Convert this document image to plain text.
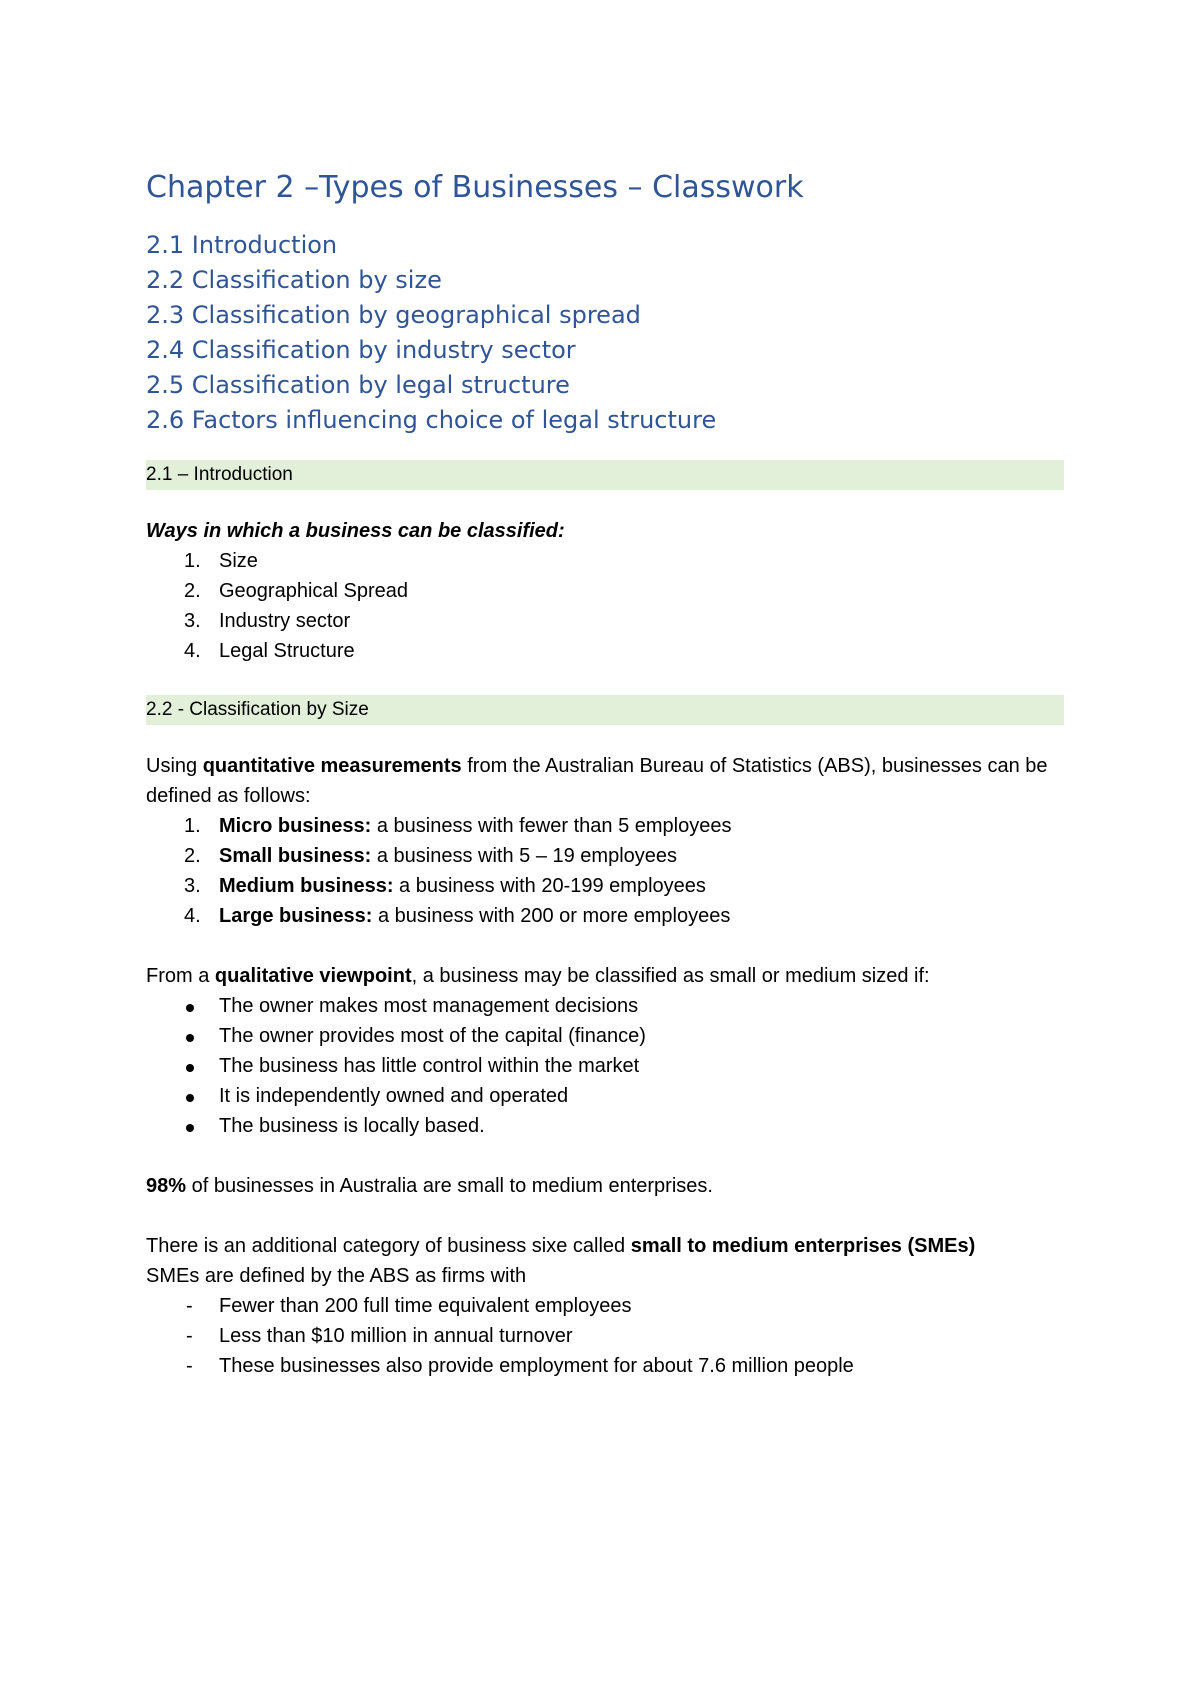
Chapter 2 –Types of Businesses – Classwork
2.1 Introduction
2.2 Classification by size
2.3 Classification by geographical spread
2.4 Classification by industry sector
2.5 Classification by legal structure
2.6 Factors influencing choice of legal structure
2.1 – Introduction

Ways in which a business can be classified:

1. Size
2. Geographical Spread
3. Industry sector
4. Legal Structure
2.2 - Classification by Size

Using quantitative measurements from the Australian Bureau of Statistics (ABS), businesses can be defined as follows:

1. Micro business: a business with fewer than 5 employees
2. Small business: a business with 5 – 19 employees
3. Medium business: a business with 20-199 employees
4. Large business: a business with 200 or more employees

From a qualitative viewpoint, a business may be classified as small or medium sized if:

The owner makes most management decisions
The owner provides most of the capital (finance)
The business has little control within the market
It is independently owned and operated
The business is locally based.

98% of businesses in Australia are small to medium enterprises.

There is an additional category of business sixe called small to medium enterprises (SMEs)

SMEs are defined by the ABS as firms with

- Fewer than 200 full time equivalent employees
- Less than $10 million in annual turnover
- These businesses also provide employment for about 7.6 million people
